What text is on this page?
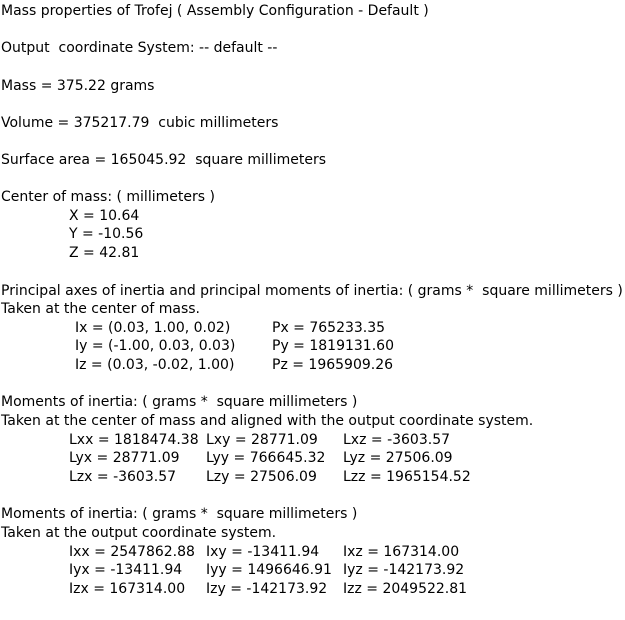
Mass properties of Trofej ( Assembly Configuration - Default )
Output  coordinate System: -- default --
Mass = 375.22 grams
Volume = 375217.79  cubic millimeters
Surface area = 165045.92  square millimeters
Center of mass: ( millimeters )
X = 10.64
Y = -10.56
Z = 42.81
Principal axes of inertia and principal moments of inertia: ( grams *  square millimeters )
Taken at the center of mass.
Ix = (0.03, 1.00, 0.02)	Px = 765233.35
Iy = (-1.00, 0.03, 0.03)	Py = 1819131.60
Iz = (0.03, -0.02, 1.00)	Pz = 1965909.26
Moments of inertia: ( grams *  square millimeters )
Taken at the center of mass and aligned with the output coordinate system.
Lxx = 1818474.38 Lxy = 28771.09 Lxz = -3603.57
Lyx = 28771.09 Lyy = 766645.32 Lyz = 27506.09
Lzx = -3603.57 Lzy = 27506.09 Lzz = 1965154.52
Moments of inertia: ( grams *  square millimeters )
Taken at the output coordinate system.
Ixx = 2547862.88 Ixy = -13411.94 Ixz = 167314.00
Iyx = -13411.94 Iyy = 1496646.91 Iyz = -142173.92
Izx = 167314.00 Izy = -142173.92 Izz = 2049522.81
